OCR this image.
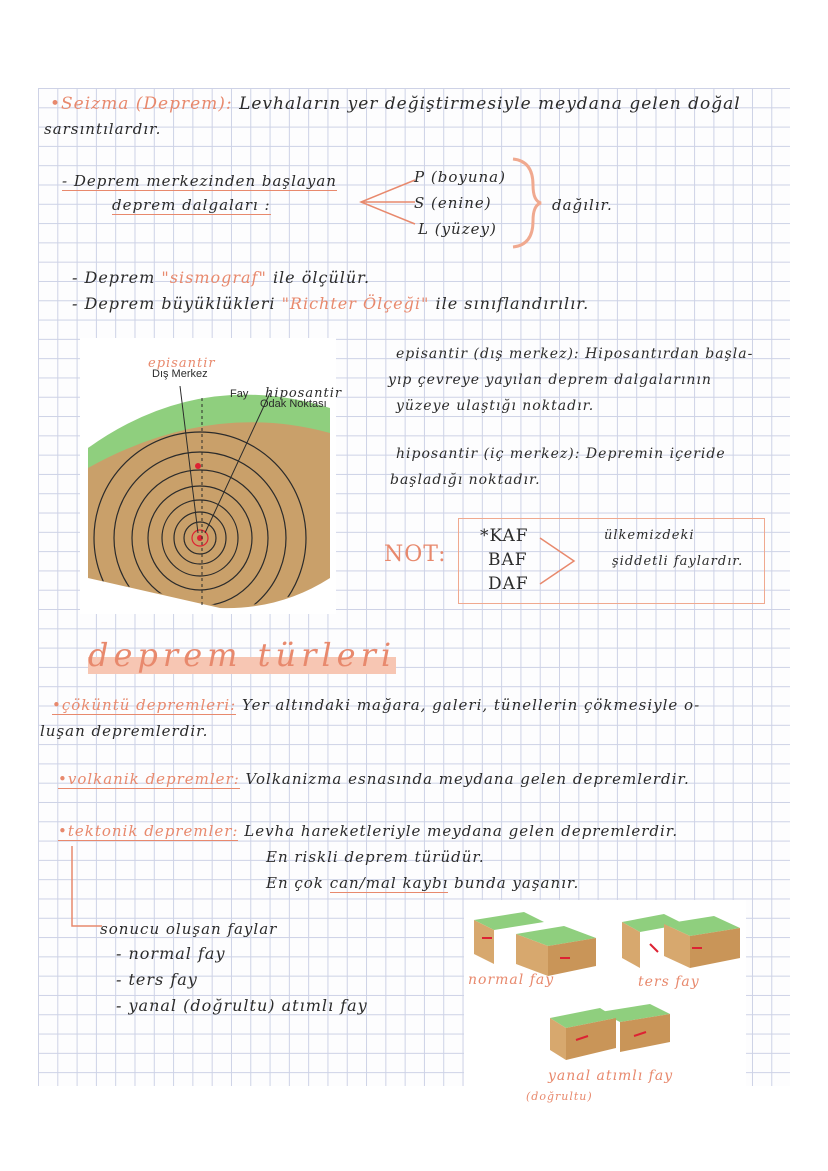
•Seizma (Deprem): Levhaların yer değiştirmesiyle meydana gelen doğal
sarsıntılardır.
- Deprem merkezinden başlayan
deprem dalgaları :
P (boyuna)
S (enine)
L (yüzey)
dağılır.
- Deprem "sismograf" ile ölçülür.
- Deprem büyüklükleri "Richter Ölçeği" ile sınıflandırılır.
episantir
Dış Merkez
Fay hiposantir
Odak Noktası
episantir (dış merkez): Hiposantırdan başla-
yıp çevreye yayılan deprem dalgalarının
yüzeye ulaştığı noktadır.
hiposantir (iç merkez): Depremin içeride
başladığı noktadır.
NOT:
*KAF
BAF
DAF
ülkemizdeki
şiddetli faylardır.
deprem türleri
•çöküntü depremleri: Yer altındaki mağara, galeri, tünellerin çökmesiyle o-
luşan depremlerdir.
•volkanik depremler: Volkanizma esnasında meydana gelen depremlerdir.
•tektonik depremler: Levha hareketleriyle meydana gelen depremlerdir.
En riskli deprem türüdür.
En çok can/mal kaybı bunda yaşanır.
sonucu oluşan faylar
- normal fay
- ters fay
- yanal (doğrultu) atımlı fay
normal fay	ters fay
yanal atımlı fay
(doğrultu)
